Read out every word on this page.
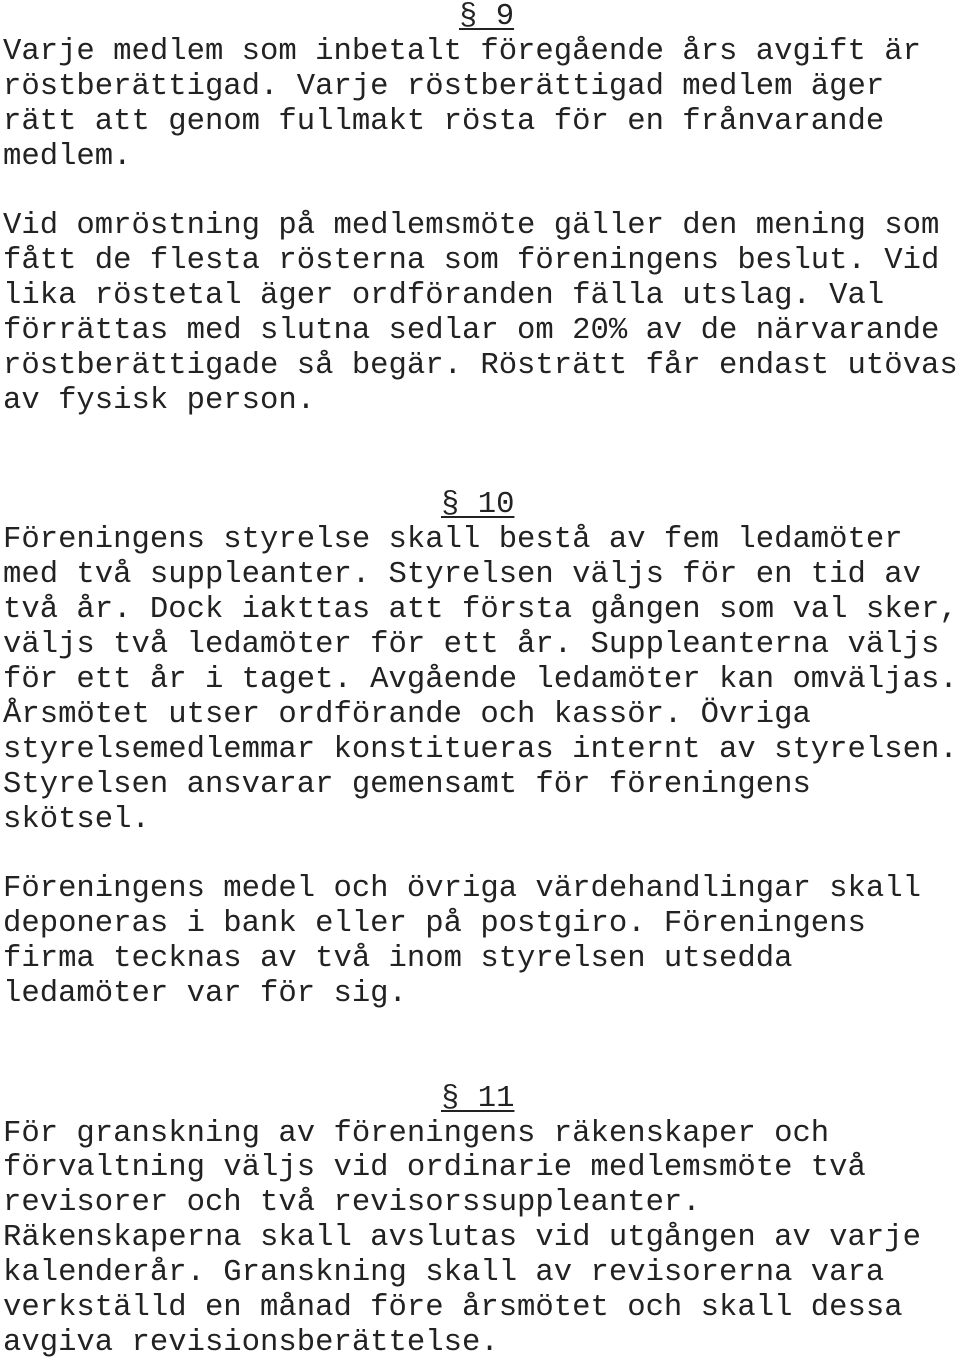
§ 9
Varje medlem som inbetalt föregående års avgift är
röstberättigad. Varje röstberättigad medlem äger
rätt att genom fullmakt rösta för en frånvarande
medlem.
Vid omröstning på medlemsmöte gäller den mening som
fått de flesta rösterna som föreningens beslut. Vid
lika röstetal äger ordföranden fälla utslag. Val
förrättas med slutna sedlar om 20% av de närvarande
röstberättigade så begär. Rösträtt får endast utövas
av fysisk person.
§ 10
Föreningens styrelse skall bestå av fem ledamöter
med två suppleanter. Styrelsen väljs för en tid av
två år. Dock iakttas att första gången som val sker,
väljs två ledamöter för ett år. Suppleanterna väljs
för ett år i taget. Avgående ledamöter kan omväljas.
Årsmötet utser ordförande och kassör. Övriga
styrelsemedlemmar konstitueras internt av styrelsen.
Styrelsen ansvarar gemensamt för föreningens
skötsel.
Föreningens medel och övriga värdehandlingar skall
deponeras i bank eller på postgiro. Föreningens
firma tecknas av två inom styrelsen utsedda
ledamöter var för sig.
§ 11
För granskning av föreningens räkenskaper och
förvaltning väljs vid ordinarie medlemsmöte två
revisorer och två revisorssuppleanter.
Räkenskaperna skall avslutas vid utgången av varje
kalenderår. Granskning skall av revisorerna vara
verkställd en månad före årsmötet och skall dessa
avgiva revisionsberättelse.
